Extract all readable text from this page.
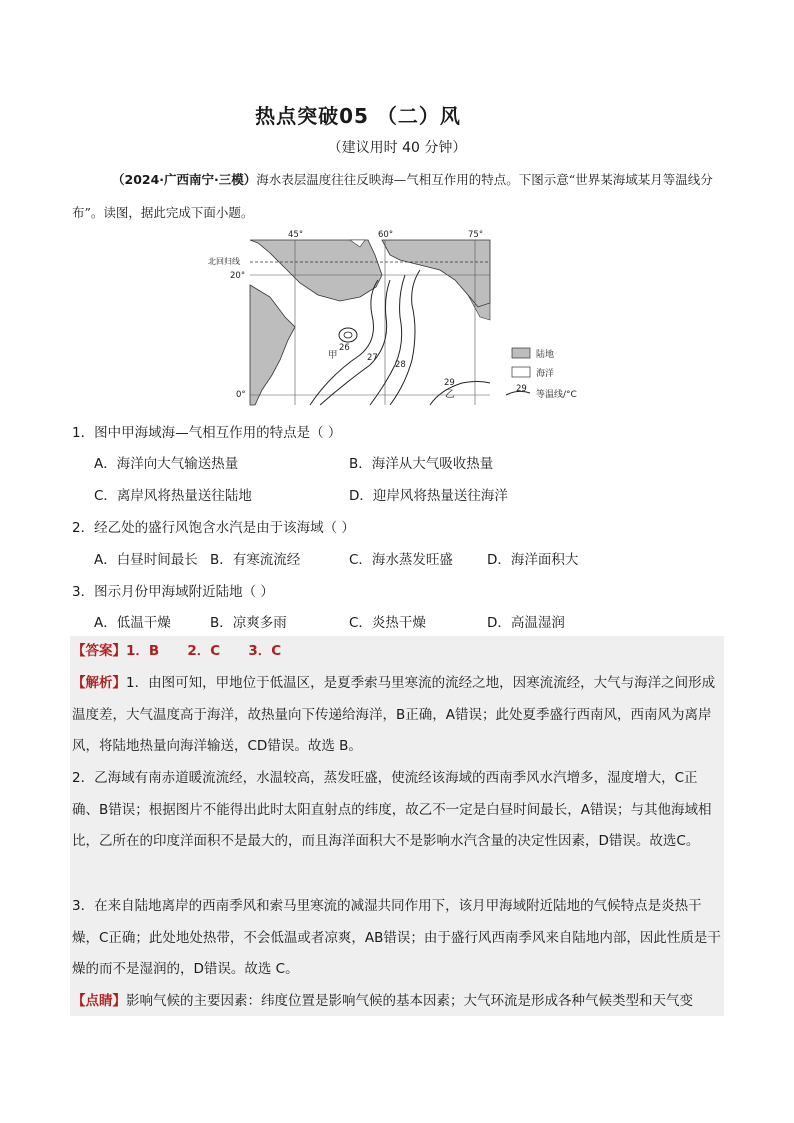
热点突破05 （二）风
（建议用时 40 分钟）
（2024·广西南宁·三模）海水表层温度往往反映海—气相互作用的特点。下图示意“世界某海域某月等温线分布”。读图，据此完成下面小题。
45°	60°	75°
北回归线
20°
0°
26
27
28
29
甲
乙
陆地
海洋
29
等温线/°C
1．图中甲海域海—气相互作用的特点是（ ）
A．海洋向大气输送热量	B．海洋从大气吸收热量
C．离岸风将热量送往陆地	D．迎岸风将热量送往海洋
2．经乙处的盛行风饱含水汽是由于该海域（ ）
A．白昼时间最长 B．有寒流流经	C．海水蒸发旺盛	D．海洋面积大
3．图示月份甲海域附近陆地（ ）
A．低温干燥	B．凉爽多雨	C．炎热干燥	D．高温湿润
【答案】1．B      2．C      3．C
【解析】1．由图可知，甲地位于低温区，是夏季索马里寒流的流经之地，因寒流流经，大气与海洋之间形成温度差，大气温度高于海洋，故热量向下传递给海洋，B正确，A错误；此处夏季盛行西南风，西南风为离岸风，将陆地热量向海洋输送，CD错误。故选 B。
2．乙海域有南赤道暖流流经，水温较高，蒸发旺盛，使流经该海域的西南季风水汽增多，湿度增大，C正确、B错误；根据图片不能得出此时太阳直射点的纬度，故乙不一定是白昼时间最长，A错误；与其他海域相比，乙所在的印度洋面积不是最大的，而且海洋面积大不是影响水汽含量的决定性因素，D错误。故选C。
3．在来自陆地离岸的西南季风和索马里寒流的减湿共同作用下，该月甲海域附近陆地的气候特点是炎热干燥，C正确；此处地处热带，不会低温或者凉爽，AB错误；由于盛行风西南季风来自陆地内部，因此性质是干燥的而不是湿润的，D错误。故选 C。
【点睛】影响气候的主要因素：纬度位置是影响气候的基本因素；大气环流是形成各种气候类型和天气变
